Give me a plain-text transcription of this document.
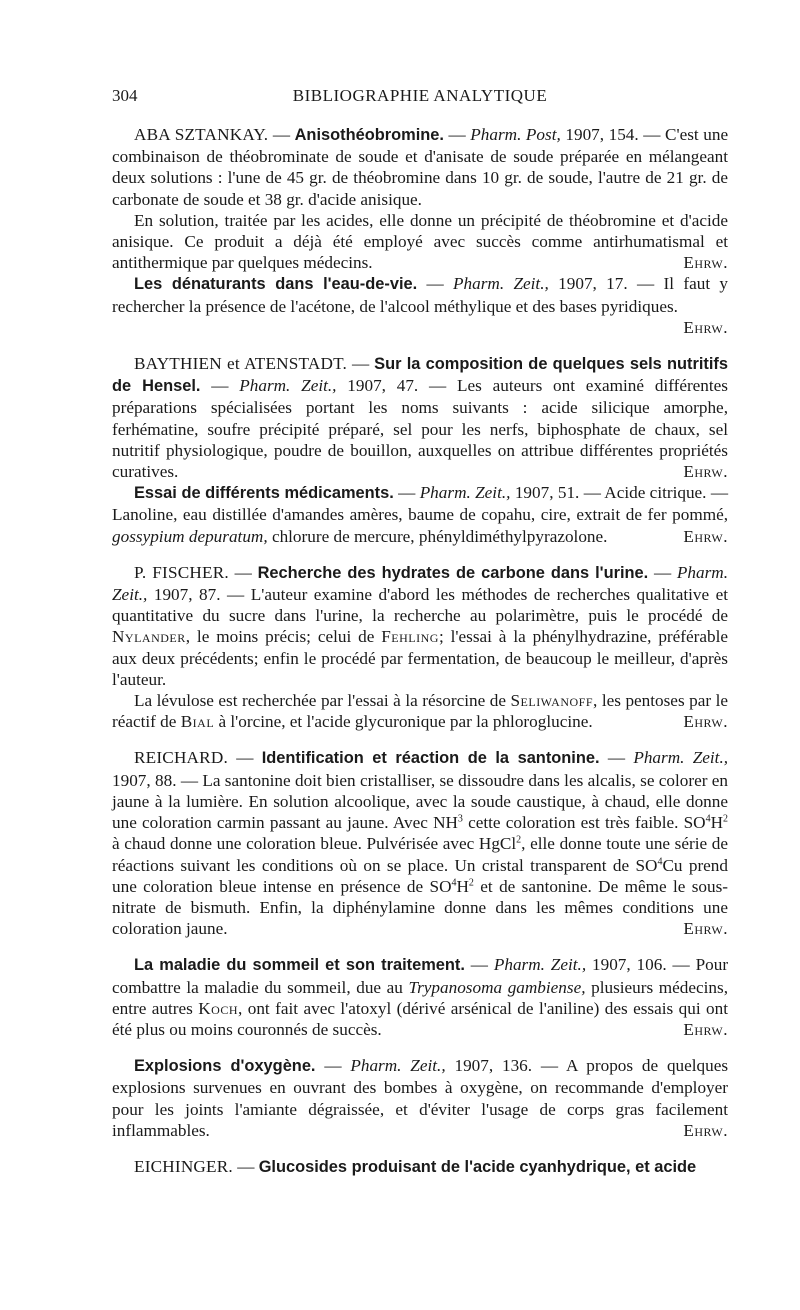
304	BIBLIOGRAPHIE ANALYTIQUE

ABA SZTANKAY. — Anisothéobromine. — Pharm. Post, 1907, 154. — C'est une combinaison de théobrominate de soude et d'anisate de soude préparée en mélangeant deux solutions : l'une de 45 gr. de théobromine dans 10 gr. de soude, l'autre de 21 gr. de carbonate de soude et 38 gr. d'acide anisique.

En solution, traitée par les acides, elle donne un précipité de théobromine et d'acide anisique. Ce produit a déjà été employé avec succès comme antirhumatismal et antithermique par quelques médecins.	Ehrw.

Les dénaturants dans l'eau-de-vie. — Pharm. Zeit., 1907, 17. — Il faut y rechercher la présence de l'acétone, de l'alcool méthylique et des bases pyridiques.
Ehrw.

BAYTHIEN et ATENSTADT. — Sur la composition de quelques sels nutritifs de Hensel. — Pharm. Zeit., 1907, 47. — Les auteurs ont examiné différentes préparations spécialisées portant les noms suivants : acide silicique amorphe, ferhématine, soufre précipité préparé, sel pour les nerfs, biphosphate de chaux, sel nutritif physiologique, poudre de bouillon, auxquelles on attribue différentes propriétés curatives.	Ehrw.

Essai de différents médicaments. — Pharm. Zeit., 1907, 51. — Acide citrique. — Lanoline, eau distillée d'amandes amères, baume de copahu, cire, extrait de fer pommé, gossypium depuratum, chlorure de mercure, phényldiméthylpyrazolone.	Ehrw.

P. FISCHER. — Recherche des hydrates de carbone dans l'urine. — Pharm. Zeit., 1907, 87. — L'auteur examine d'abord les méthodes de recherches qualitative et quantitative du sucre dans l'urine, la recherche au polarimètre, puis le procédé de Nylander, le moins précis; celui de Fehling; l'essai à la phénylhydrazine, préférable aux deux précédents; enfin le procédé par fermentation, de beaucoup le meilleur, d'après l'auteur.

La lévulose est recherchée par l'essai à la résorcine de Seliwanoff, les pentoses par le réactif de Bial à l'orcine, et l'acide glycuronique par la phloroglucine.	Ehrw.

REICHARD. — Identification et réaction de la santonine. — Pharm. Zeit., 1907, 88. — La santonine doit bien cristalliser, se dissoudre dans les alcalis, se colorer en jaune à la lumière. En solution alcoolique, avec la soude caustique, à chaud, elle donne une coloration carmin passant au jaune. Avec $NH^3$ cette coloration est très faible. $SO^4H^2$ à chaud donne une coloration bleue. Pulvérisée avec HgCl$^2$, elle donne toute une série de réactions suivant les conditions où on se place. Un cristal transparent de $SO^4Cu$ prend une coloration bleue intense en présence de $SO^4H^2$ et de santonine. De même le sous-nitrate de bismuth. Enfin, la diphénylamine donne dans les mêmes conditions une coloration jaune.	Ehrw.

La maladie du sommeil et son traitement. — Pharm. Zeit., 1907, 106. — Pour combattre la maladie du sommeil, due au Trypanosoma gambiense, plusieurs médecins, entre autres Koch, ont fait avec l'atoxyl (dérivé arsénical de l'aniline) des essais qui ont été plus ou moins couronnés de succès.	Ehrw.

Explosions d'oxygène. — Pharm. Zeit., 1907, 136. — A propos de quelques explosions survenues en ouvrant des bombes à oxygène, on recommande d'employer pour les joints l'amiante dégraissée, et d'éviter l'usage de corps gras facilement inflammables.	Ehrw.

EICHINGER. — Glucosides produisant de l'acide cyanhydrique, et acide
